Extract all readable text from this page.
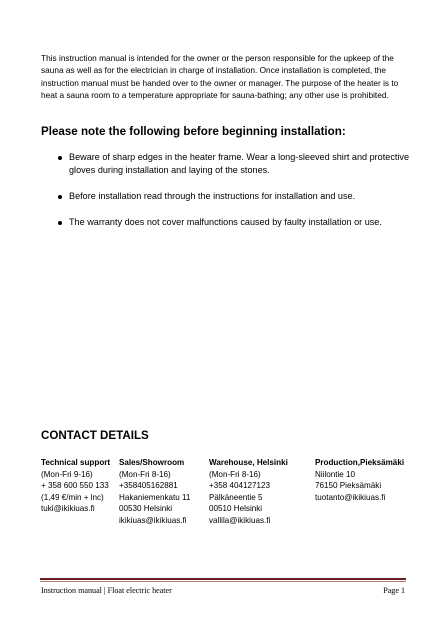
This instruction manual is intended for the owner or the person responsible for the upkeep of the sauna as well as for the electrician in charge of installation. Once installation is completed, the instruction manual must be handed over to the owner or manager. The purpose of the heater is to heat a sauna room to a temperature appropriate for sauna-bathing; any other use is prohibited.

Please note the following before beginning installation:
Beware of sharp edges in the heater frame. Wear a long-sleeved shirt and protective gloves during installation and laying of the stones.
Before installation read through the instructions for installation and use.
The warranty does not cover malfunctions caused by faulty installation or use.
CONTACT DETAILS
Technical support
(Mon-Fri 9-16)
+ 358 600 550 133
(1,49 €/min + lnc)
tuki@ikikiuas.fi
Sales/Showroom
(Mon-Fri 8-16)
+358405162881
Hakaniemenkatu 11
00530 Helsinki
ikikiuas@ikikiuas.fi
Warehouse, Helsinki
(Mon-Fri 8-16)
+358 404127123
Pälkäneentie 5
00510 Helsinki
vallila@ikikiuas.fi
Production,Pieksämäki
Niilontie 10
76150 Pieksämäki
tuotanto@ikikiuas.fi
Instruction manual | Float electric heater	Page 1
